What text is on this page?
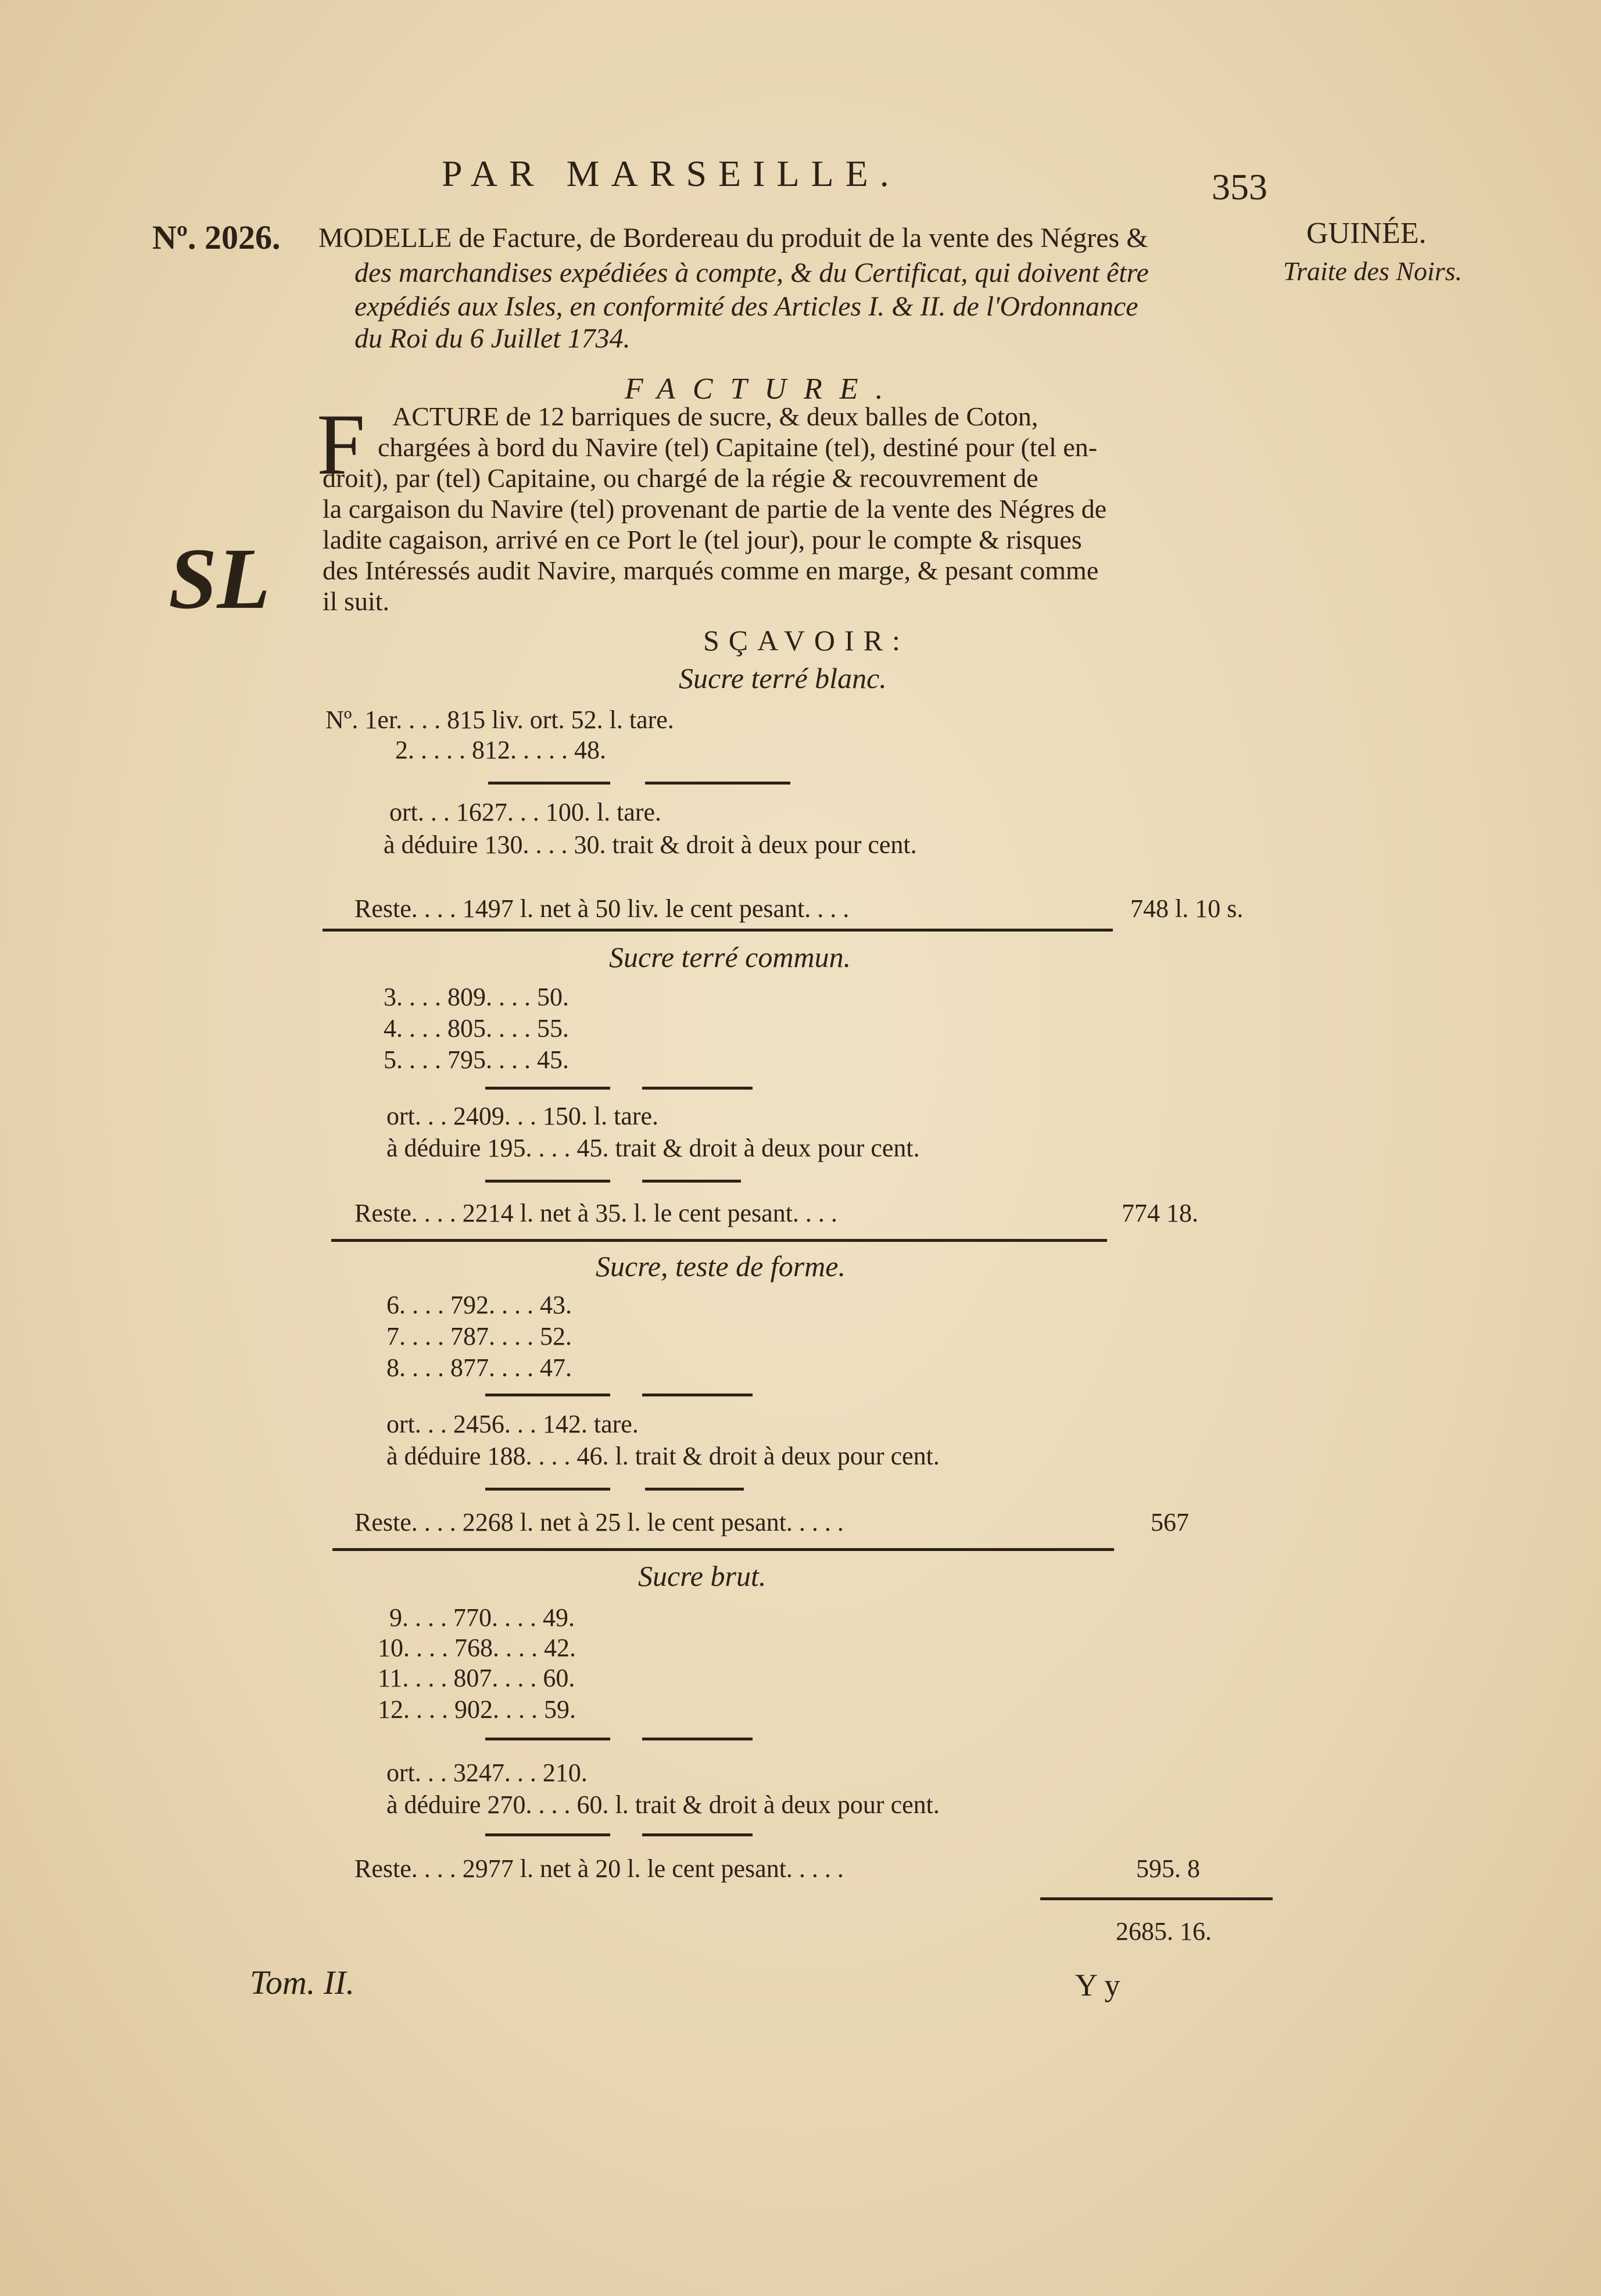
PAR MARSEILLE.	353
GUINÉE.
Traite des Noirs.
Nº. 2026. MODELLE de Facture, de Bordereau du produit de la vente des Négres &
des marchandises expédiées à compte, & du Certificat, qui doivent être
expédiés aux Isles, en conformité des Articles I. & II. de l'Ordonnance
du Roi du 6 Juillet 1734.
FACTURE.
F ACTURE de 12 barriques de sucre, & deux balles de Coton,
chargées à bord du Navire (tel) Capitaine (tel), destiné pour (tel en-
droit), par (tel) Capitaine, ou chargé de la régie & recouvrement de
la cargaison du Navire (tel) provenant de partie de la vente des Négres de
ladite cagaison, arrivé en ce Port le (tel jour), pour le compte & risques
des Intéressés audit Navire, marqués comme en marge, & pesant comme
il suit.
SL
SÇAVOIR:
Sucre terré blanc.
Nº. 1er. . . . 815 liv. ort. 52. l. tare.
2. . . . . 812. . . . . 48.
ort. . . 1627. . . 100. l. tare.
à déduire 130. . . . 30. trait & droit à deux pour cent.
Reste. . . . 1497 l. net à 50 liv. le cent pesant. . . .	748 l. 10 s.
Sucre terré commun.
3. . . . 809. . . . 50.
4. . . . 805. . . . 55.
5. . . . 795. . . . 45.
ort. . . 2409. . . 150. l. tare.
à déduire 195. . . . 45. trait & droit à deux pour cent.
Reste. . . . 2214 l. net à 35. l. le cent pesant. . . .	774 18.
Sucre, teste de forme.
6. . . . 792. . . . 43.
7. . . . 787. . . . 52.
8. . . . 877. . . . 47.
ort. . . 2456. . . 142. tare.
à déduire 188. . . . 46. l. trait & droit à deux pour cent.
Reste. . . . 2268 l. net à 25 l. le cent pesant. . . . .	567
Sucre brut.
9. . . . 770. . . . 49.
10. . . . 768. . . . 42.
11. . . . 807. . . . 60.
12. . . . 902. . . . 59.
ort. . . 3247. . . 210.
à déduire 270. . . . 60. l. trait & droit à deux pour cent.
Reste. . . . 2977 l. net à 20 l. le cent pesant. . . . .	595. 8
2685. 16.
Tom. II.	Y y
